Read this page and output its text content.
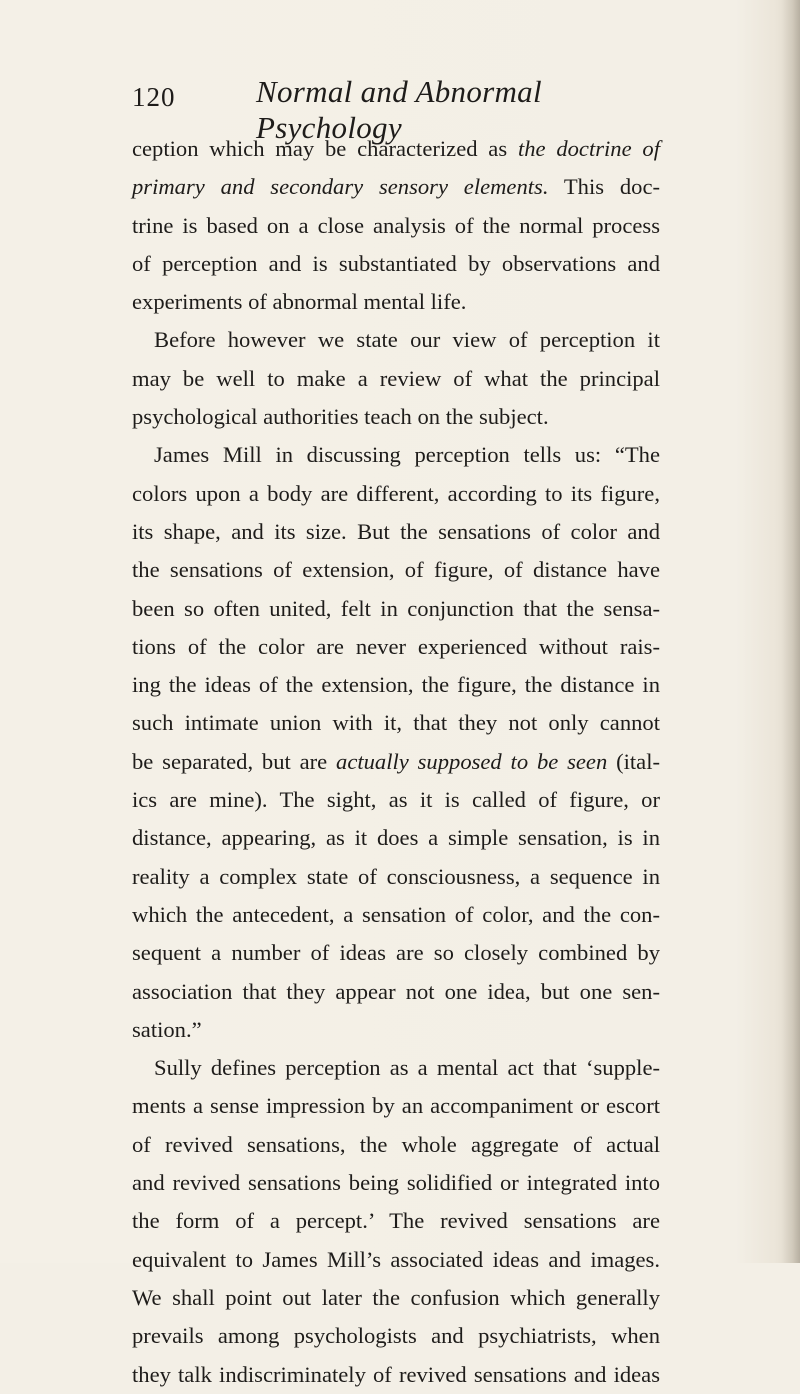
120	Normal and Abnormal Psychology
ception which may be characterized as the doctrine of
primary and secondary sensory elements. This doc-
trine is based on a close analysis of the normal process
of perception and is substantiated by observations and
experiments of abnormal mental life.
Before however we state our view of perception it
may be well to make a review of what the principal
psychological authorities teach on the subject.
James Mill in discussing perception tells us: “The
colors upon a body are different, according to its figure,
its shape, and its size. But the sensations of color and
the sensations of extension, of figure, of distance have
been so often united, felt in conjunction that the sensa-
tions of the color are never experienced without rais-
ing the ideas of the extension, the figure, the distance in
such intimate union with it, that they not only cannot
be separated, but are actually supposed to be seen (ital-
ics are mine). The sight, as it is called of figure, or
distance, appearing, as it does a simple sensation, is in
reality a complex state of consciousness, a sequence in
which the antecedent, a sensation of color, and the con-
sequent a number of ideas are so closely combined by
association that they appear not one idea, but one sen-
sation.”
Sully defines perception as a mental act that ‘supple-
ments a sense impression by an accompaniment or escort
of revived sensations, the whole aggregate of actual
and revived sensations being solidified or integrated into
the form of a percept.’ The revived sensations are
equivalent to James Mill’s associated ideas and images.
We shall point out later the confusion which generally
prevails among psychologists and psychiatrists, when
they talk indiscriminately of revived sensations and ideas
